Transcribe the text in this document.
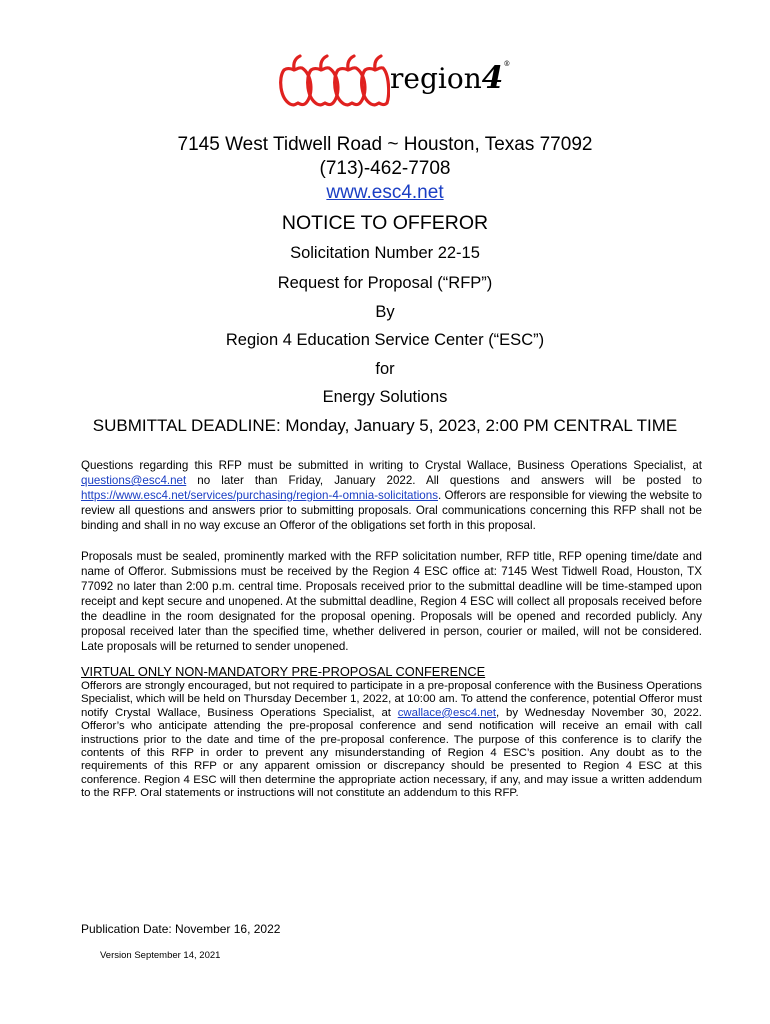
region4®
7145 West Tidwell Road ~ Houston, Texas 77092
(713)-462-7708
www.esc4.net
NOTICE TO OFFEROR
Solicitation Number 22-15
Request for Proposal (“RFP”)
By
Region 4 Education Service Center (“ESC”)
for
Energy Solutions
SUBMITTAL DEADLINE: Monday, January 5, 2023, 2:00 PM CENTRAL TIME

Questions regarding this RFP must be submitted in writing to Crystal Wallace, Business Operations Specialist, at questions@esc4.net no later than Friday, January 2022. All questions and answers will be posted to https://www.esc4.net/services/purchasing/region-4-omnia-solicitations. Offerors are responsible for viewing the website to review all questions and answers prior to submitting proposals. Oral communications concerning this RFP shall not be binding and shall in no way excuse an Offeror of the obligations set forth in this proposal.

Proposals must be sealed, prominently marked with the RFP solicitation number, RFP title, RFP opening time/date and name of Offeror. Submissions must be received by the Region 4 ESC office at: 7145 West Tidwell Road, Houston, TX 77092 no later than 2:00 p.m. central time. Proposals received prior to the submittal deadline will be time-stamped upon receipt and kept secure and unopened. At the submittal deadline, Region 4 ESC will collect all proposals received before the deadline in the room designated for the proposal opening. Proposals will be opened and recorded publicly. Any proposal received later than the specified time, whether delivered in person, courier or mailed, will not be considered. Late proposals will be returned to sender unopened.

VIRTUAL ONLY NON-MANDATORY PRE-PROPOSAL CONFERENCE

Offerors are strongly encouraged, but not required to participate in a pre-proposal conference with the Business Operations Specialist, which will be held on Thursday December 1, 2022, at 10:00 am. To attend the conference, potential Offeror must notify Crystal Wallace, Business Operations Specialist, at cwallace@esc4.net, by Wednesday November 30, 2022. Offeror’s who anticipate attending the pre-proposal conference and send notification will receive an email with call instructions prior to the date and time of the pre-proposal conference. The purpose of this conference is to clarify the contents of this RFP in order to prevent any misunderstanding of Region 4 ESC’s position. Any doubt as to the requirements of this RFP or any apparent omission or discrepancy should be presented to Region 4 ESC at this conference. Region 4 ESC will then determine the appropriate action necessary, if any, and may issue a written addendum to the RFP. Oral statements or instructions will not constitute an addendum to this RFP.

Publication Date: November 16, 2022
Version September 14, 2021
